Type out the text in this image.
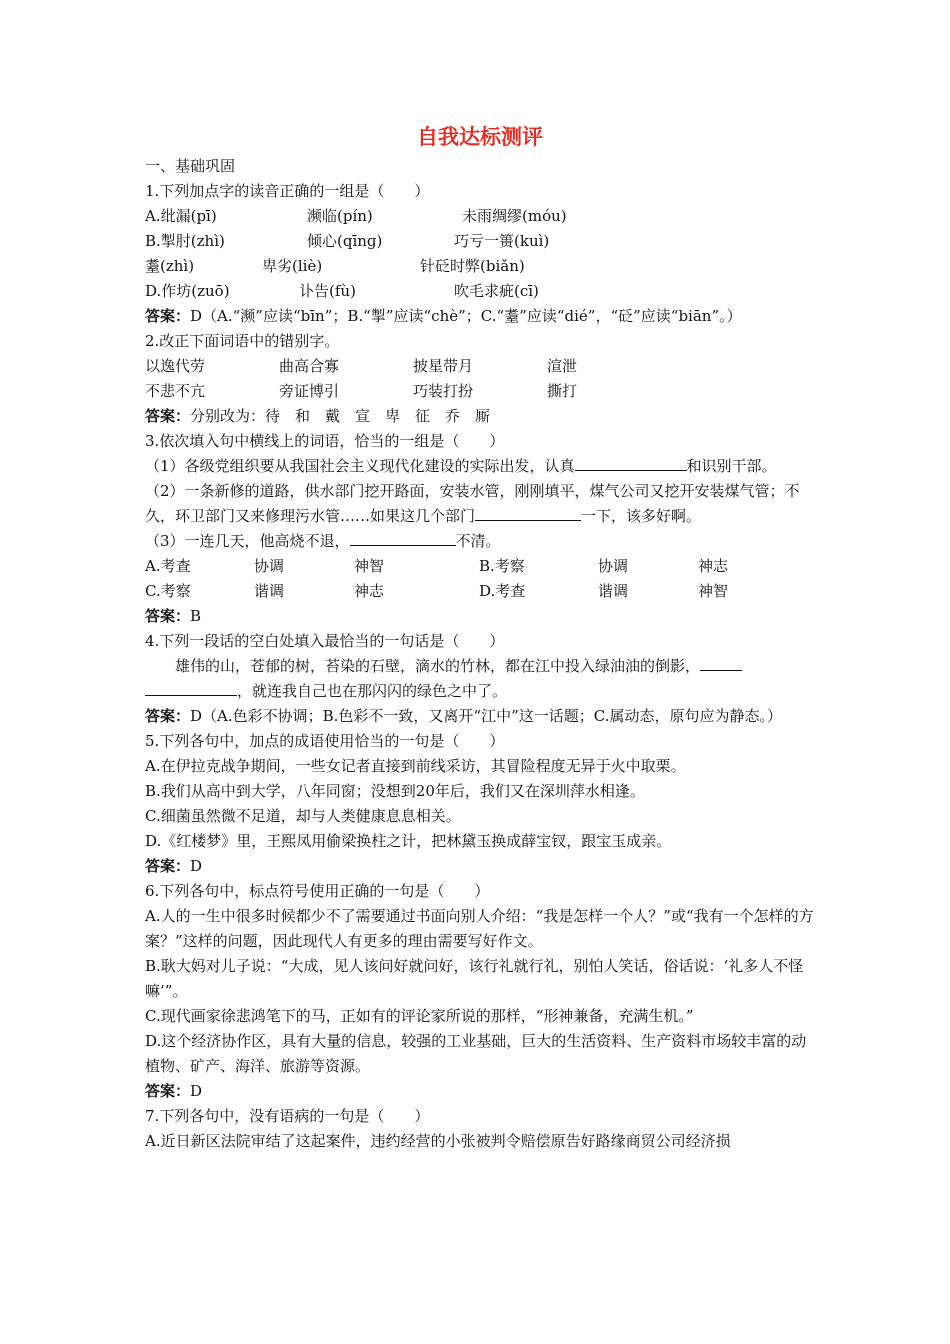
自我达标测评
一、基础巩固
1.下列加点字的读音正确的一组是（　　）
A.纰漏(pī)	濒临(pín)	未雨绸缪(móu)
B.掣肘(zhì)	倾心(qīnɡ)	巧亏一篑(kuì)
耋(zhì)	卑劣(liè)	针砭时弊(biǎn)
D.作坊(zuō)	讣告(fù)	吹毛求疵(cī)
答案：D（A.“濒”应读“bīn”；B.“掣”应读“chè”；C.“耋”应读“dié”，“砭”应读“biān”。）
2.改正下面词语中的错别字。
以逸代劳	曲高合寡	披星带月	渲泄
不悲不亢	旁证博引	巧装打扮	撕打
答案：分别改为：待　和　戴　宣　卑　征　乔　厮
3.依次填入句中横线上的词语，恰当的一组是（　　）
（1）各级党组织要从我国社会主义现代化建设的实际出发，认真	和识别干部。
（2）一条新修的道路，供水部门挖开路面，安装水管，刚刚填平，煤气公司又挖开安装煤气管；不久，环卫部门又来修理污水管……如果这几个部门	一下，该多好啊。
（3）一连几天，他高烧不退，	不清。
A.考查	协调	神智	B.考察	协调	神志
C.考察	谐调	神志	D.考查	谐调	神智
答案：B
4.下列一段话的空白处填入最恰当的一句话是（　　）
雄伟的山，苍郁的树，苔染的石壁，滴水的竹林，都在江中投入绿油油的倒影，
，就连我自己也在那闪闪的绿色之中了。
答案：D（A.色彩不协调；B.色彩不一致，又离开“江中”这一话题；C.属动态，原句应为静态。）
5.下列各句中，加点的成语使用恰当的一句是（　　）
A.在伊拉克战争期间，一些女记者直接到前线采访，其冒险程度无异于火中取栗。
B.我们从高中到大学，八年同窗；没想到20年后，我们又在深圳萍水相逢。
C.细菌虽然微不足道，却与人类健康息息相关。
D.《红楼梦》里，王熙凤用偷梁换柱之计，把林黛玉换成薛宝钗，跟宝玉成亲。
答案：D
6.下列各句中，标点符号使用正确的一句是（　　）
A.人的一生中很多时候都少不了需要通过书面向别人介绍：“我是怎样一个人？”或“我有一个怎样的方案？”这样的问题，因此现代人有更多的理由需要写好作文。
B.耿大妈对儿子说：“大成，见人该问好就问好，该行礼就行礼，别怕人笑话，俗话说：‘礼多人不怪嘛’”。
C.现代画家徐悲鸿笔下的马，正如有的评论家所说的那样，“形神兼备，充满生机。”
D.这个经济协作区，具有大量的信息，较强的工业基础，巨大的生活资料、生产资料市场较丰富的动植物、矿产、海洋、旅游等资源。
答案：D
7.下列各句中，没有语病的一句是（　　）
A.近日新区法院审结了这起案件，违约经营的小张被判令赔偿原告好路缘商贸公司经济损
